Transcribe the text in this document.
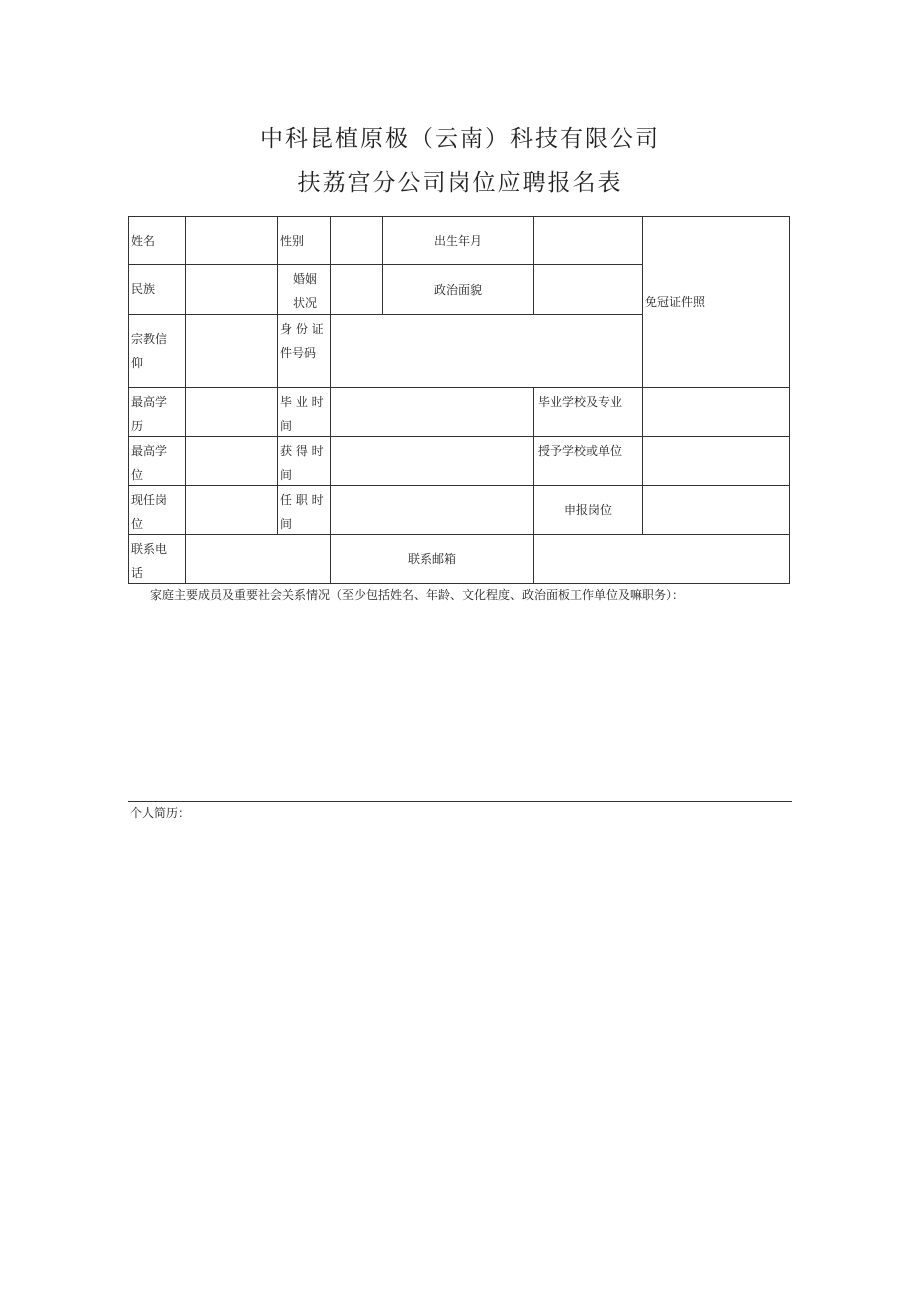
中科昆植原极（云南）科技有限公司
扶荔宫分公司岗位应聘报名表
姓名	性别	出生年月
免冠证件照
民族
婚姻
状况
政治面貌
宗教信
仰
身 份 证
件号码
最高学
历
毕 业 时
间
毕业学校及专业
最高学
位
获 得 时
间
授予学校或单位
现任岗
位
任 职 时
间
申报岗位
联系电
话
联系邮箱
家庭主要成员及重要社会关系情况（至少包括姓名、年龄、文化程度、政治面板工作单位及嘛职务）：
个人简历：
